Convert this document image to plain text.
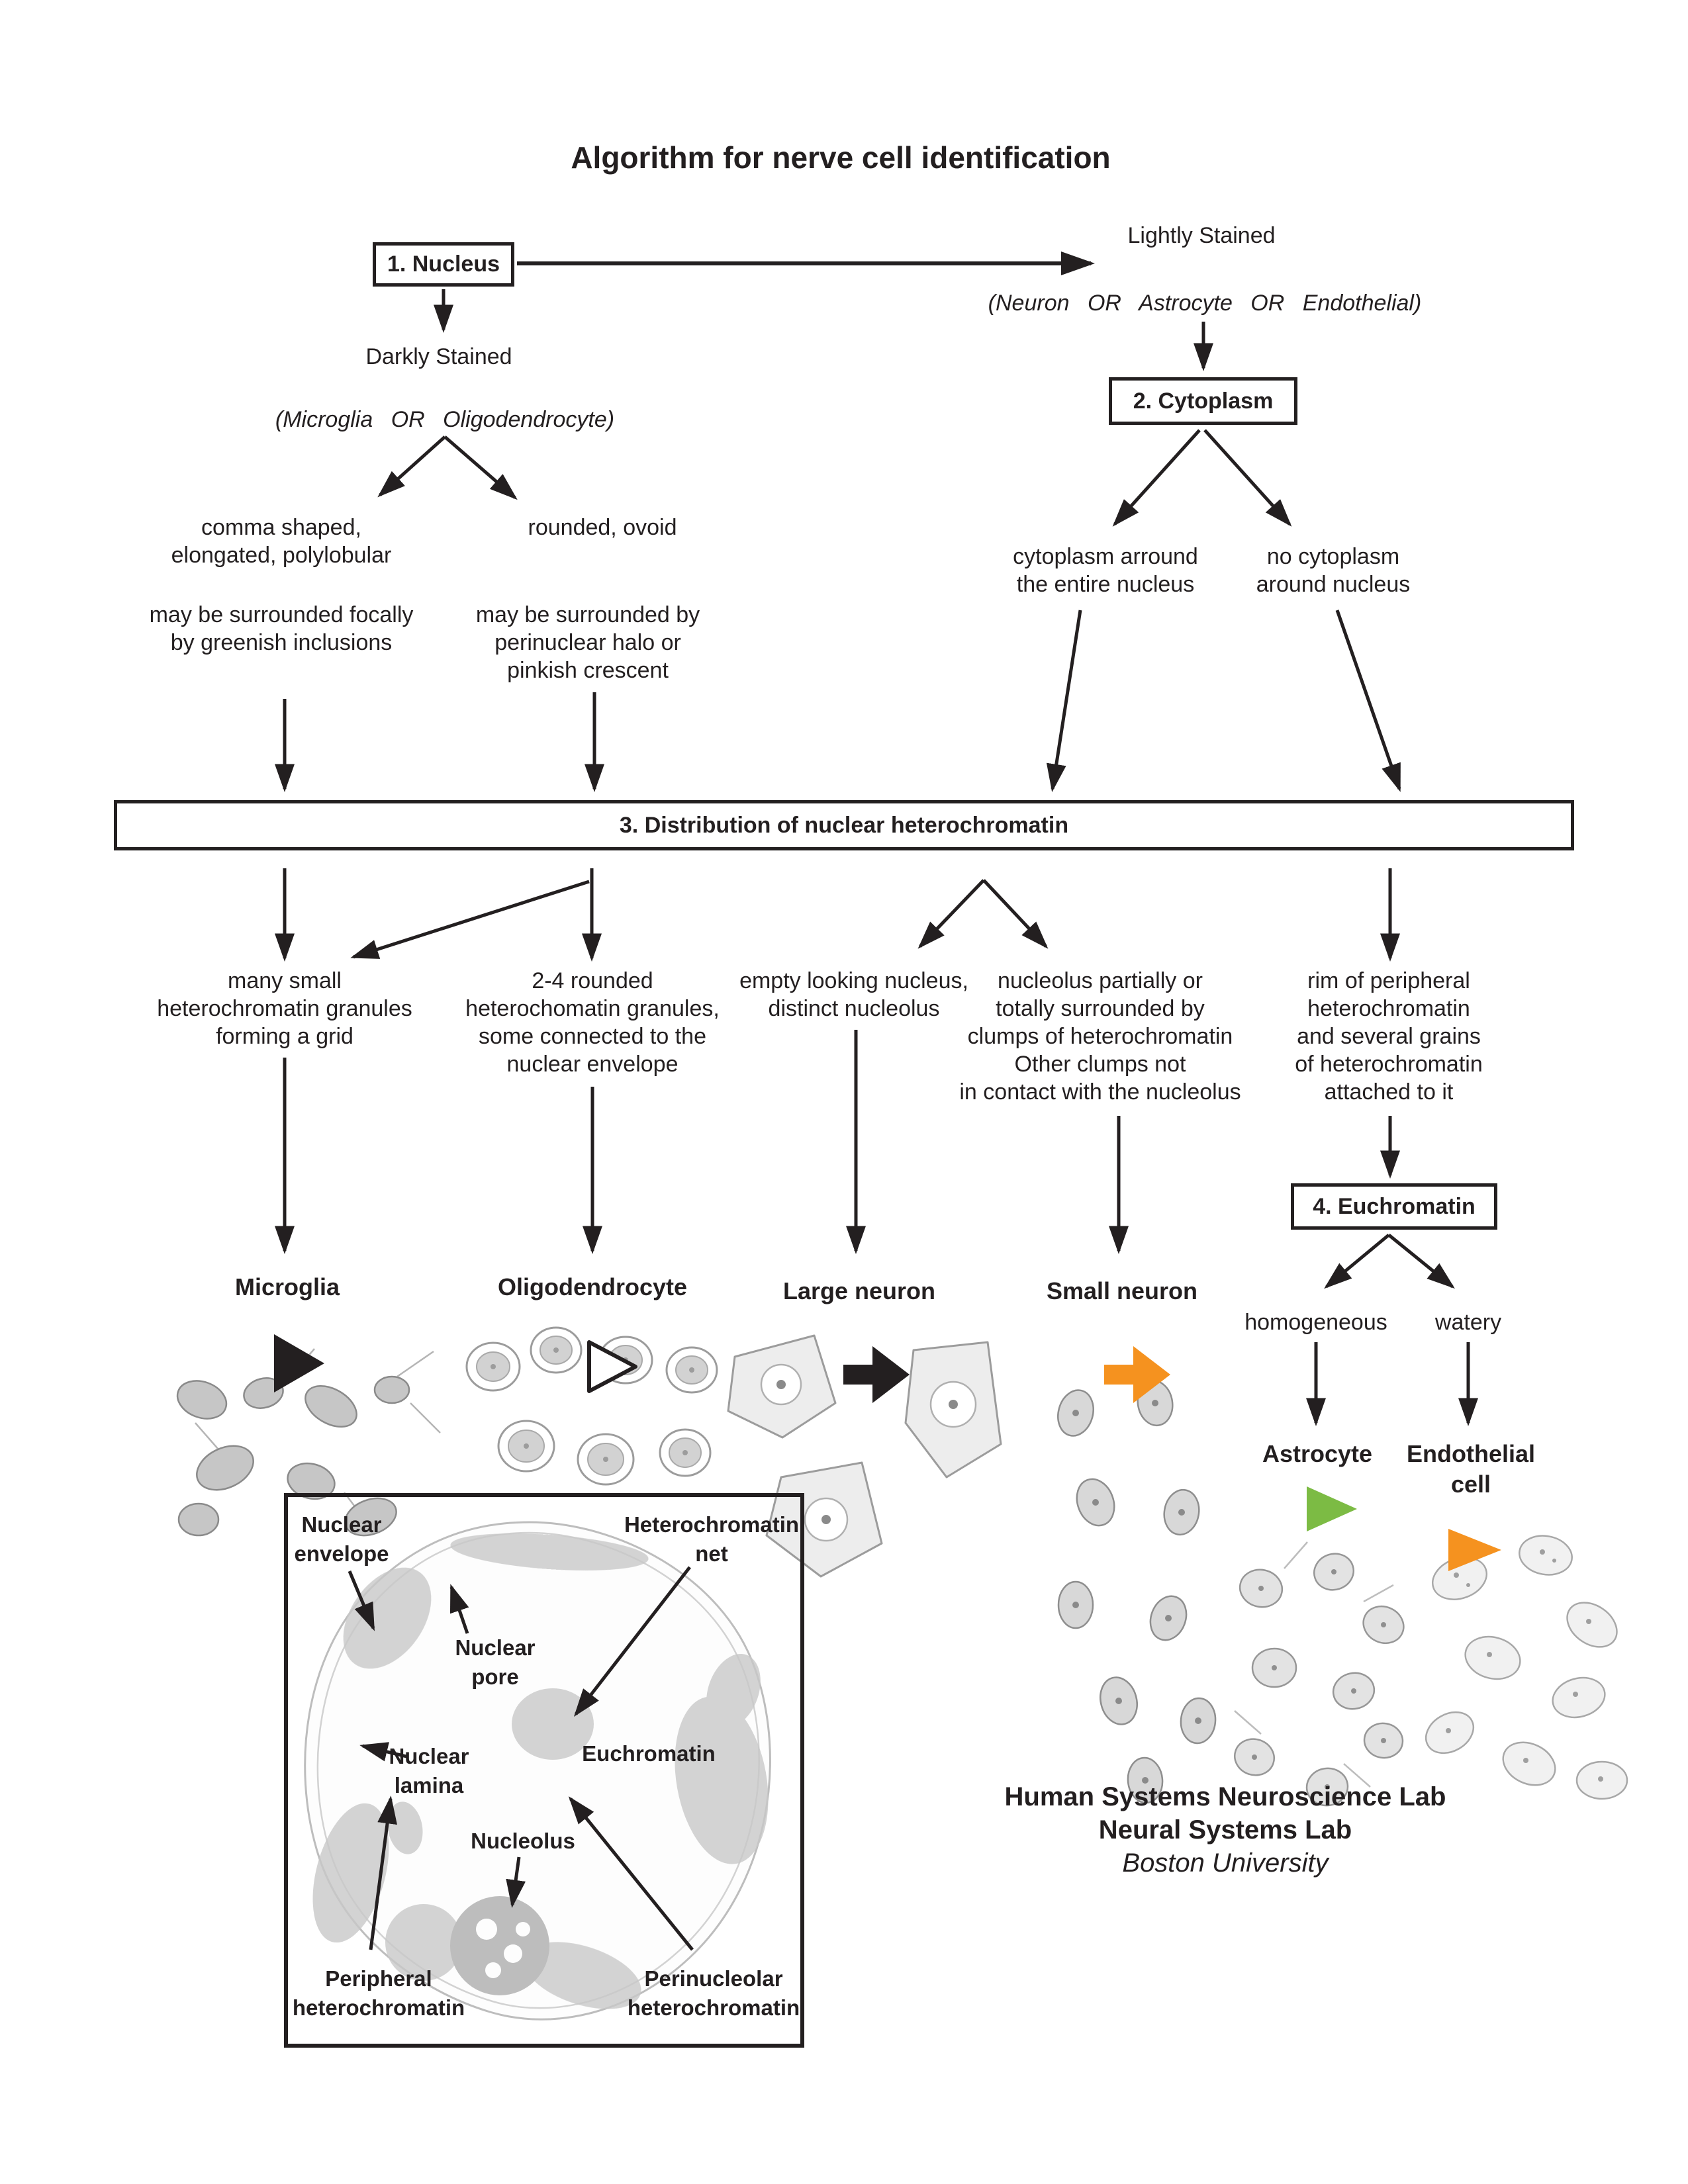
Algorithm for nerve cell identification
1. Nucleus
Lightly Stained
(Neuron OR Astrocyte OR Endothelial)
Darkly Stained
(Microglia OR Oligodendrocyte)
comma shaped,
elongated, polylobular
rounded, ovoid
may be surrounded focally
by greenish inclusions
may be surrounded by
perinuclear halo or
pinkish crescent
2. Cytoplasm
cytoplasm arround
the entire nucleus
no cytoplasm
around nucleus
3. Distribution of nuclear heterochromatin
many small
heterochromatin granules
forming a grid
2-4 rounded
heterochomatin granules,
some connected to the
nuclear envelope
empty looking nucleus,
distinct nucleolus
nucleolus partially or
totally surrounded by
clumps of heterochromatin
Other clumps not
in contact with the nucleolus
rim of peripheral
heterochromatin
and several grains
of heterochromatin
attached to it
Microglia	Oligodendrocyte	Large neuron	Small neuron
4. Euchromatin
homogeneous watery
Astrocyte Endothelial
cell
Nuclear
envelope
Heterochromatin
net
Nuclear
pore
Nuclear
lamina
Nucleolus
Euchromatin
Peripheral
heterochromatin
Perinucleolar
heterochromatin
Human Systems Neuroscience Lab
Neural Systems Lab
Boston University
